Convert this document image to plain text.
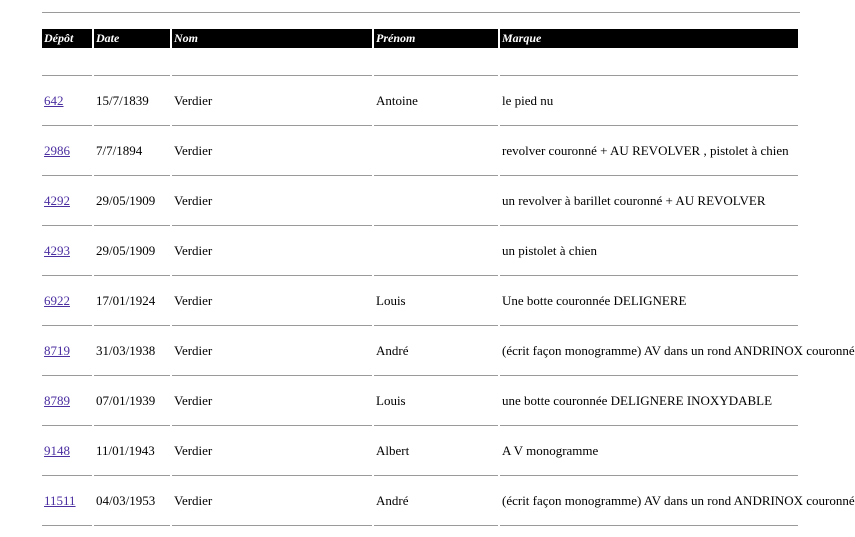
Dépôt	Date	Nom	Prénom	Marque

642	15/7/1839	Verdier	Antoine	le pied nu
2986	7/7/1894	Verdier		revolver couronné + AU REVOLVER , pistolet à chien
4292	29/05/1909	Verdier		un revolver à barillet couronné + AU REVOLVER
4293	29/05/1909	Verdier		un pistolet à chien
6922	17/01/1924	Verdier	Louis	Une botte couronnée DELIGNERE
8719	31/03/1938	Verdier	André	(écrit façon monogramme) AV dans un rond ANDRINOX couronné
8789	07/01/1939	Verdier	Louis	une botte couronnée DELIGNERE INOXYDABLE
9148	11/01/1943	Verdier	Albert	A V monogramme
11511	04/03/1953	Verdier	André	(écrit façon monogramme) AV dans un rond ANDRINOX couronné
